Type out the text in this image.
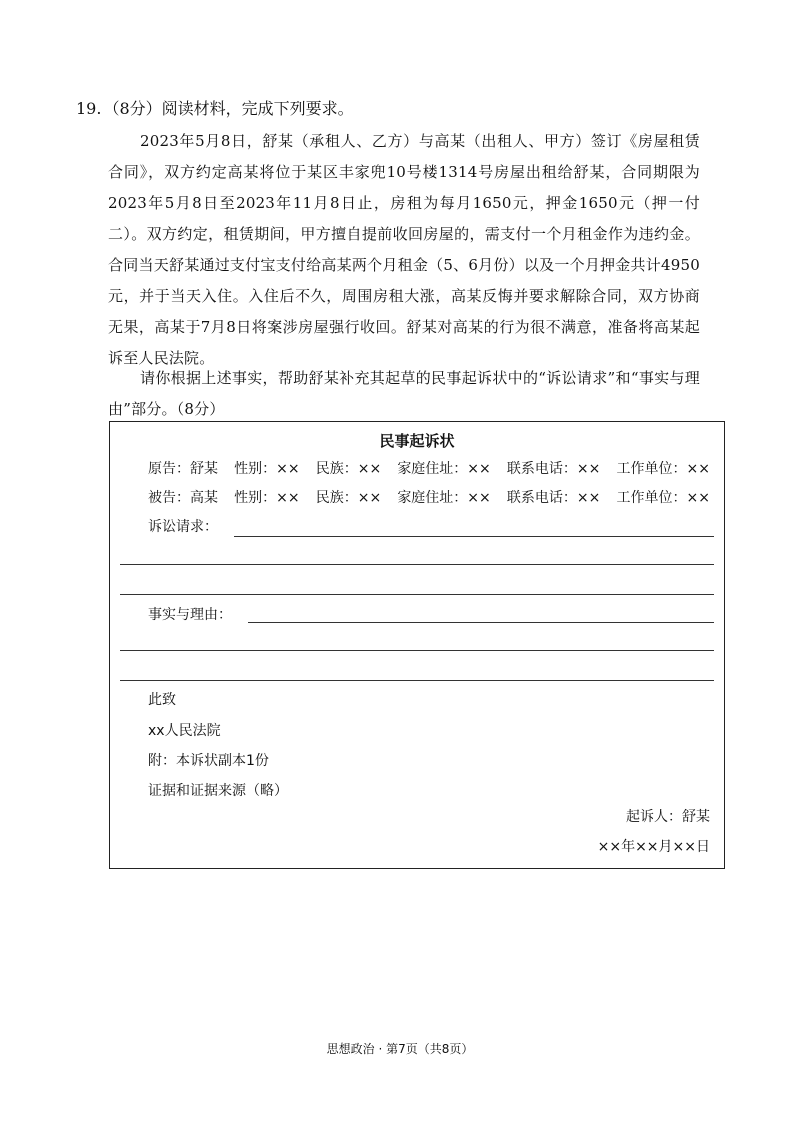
19. （8分）阅读材料，完成下列要求。
2023年5月8日，舒某（承租人、乙方）与高某（出租人、甲方）签订《房屋租赁合同》，双方约定高某将位于某区丰家兜10号楼1314号房屋出租给舒某，合同期限为2023年5月8日至2023年11月8日止，房租为每月1650元，押金1650元（押一付二）。双方约定，租赁期间，甲方擅自提前收回房屋的，需支付一个月租金作为违约金。合同当天舒某通过支付宝支付给高某两个月租金（5、6月份）以及一个月押金共计4950元，并于当天入住。入住后不久，周围房租大涨，高某反悔并要求解除合同，双方协商无果，高某于7月8日将案涉房屋强行收回。舒某对高某的行为很不满意，准备将高某起诉至人民法院。
请你根据上述事实，帮助舒某补充其起草的民事起诉状中的“诉讼请求”和“事实与理由”部分。（8分）
民事起诉状
原告：舒某 性别：×× 民族：×× 家庭住址：×× 联系电话：×× 工作单位：××
被告：高某 性别：×× 民族：×× 家庭住址：×× 联系电话：×× 工作单位：××
诉讼请求：
事实与理由：
此致
xx人民法院
附：本诉状副本1份
证据和证据来源（略）
起诉人：舒某
××年××月××日
思想政治 · 第7页（共8页）
